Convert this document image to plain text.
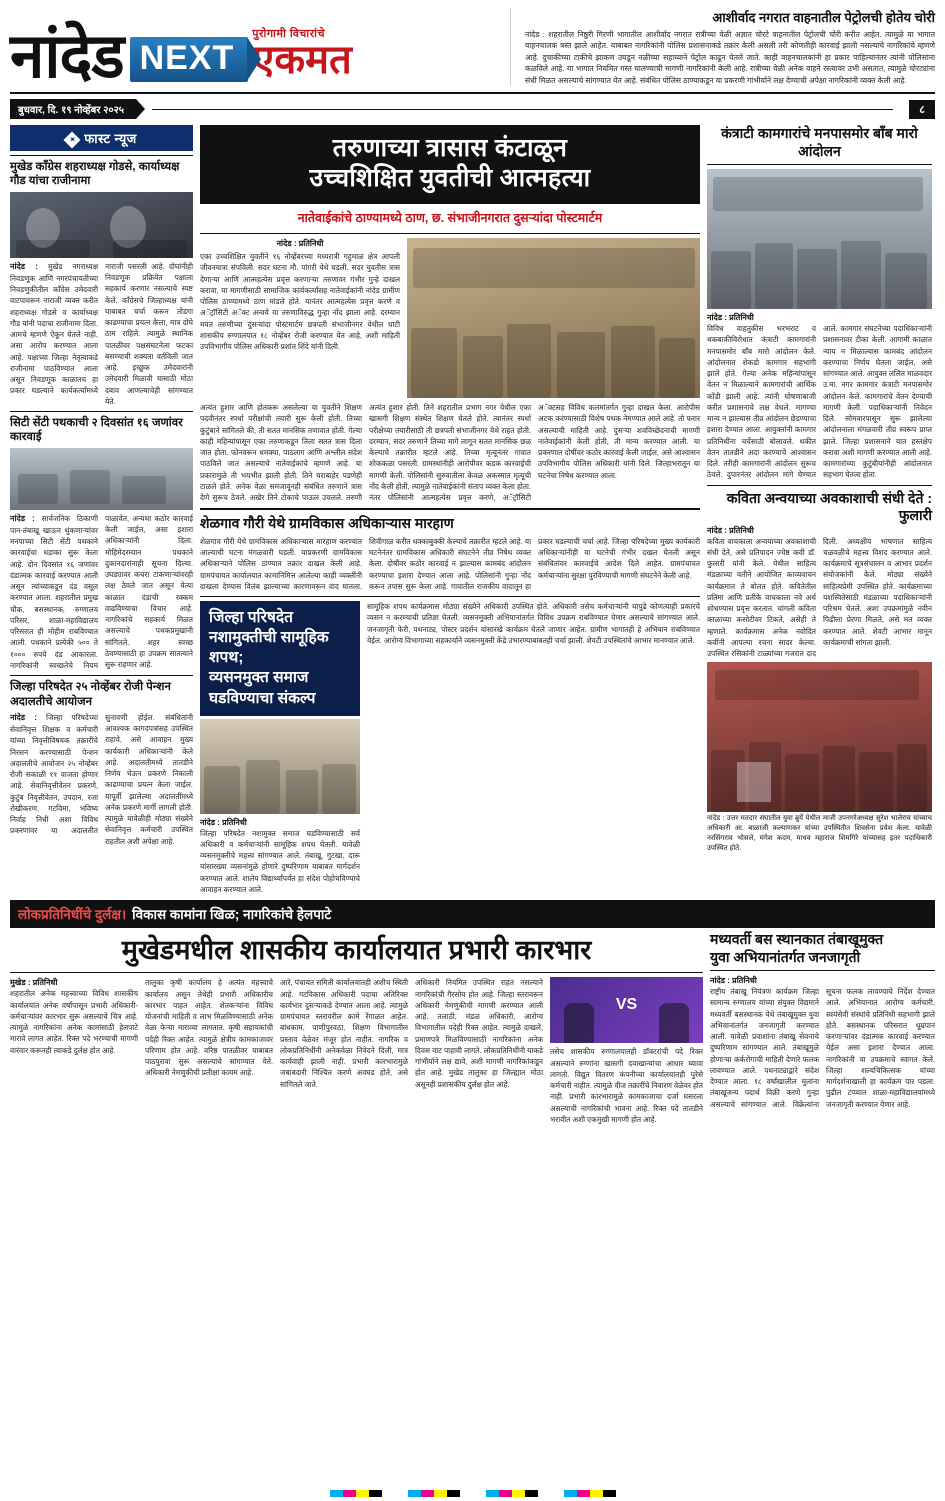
नांदेड NEXT
पुरोगामी विचारांचे
एकमत
आशीर्वाद नगरात वाहनातील पेट्रोलची होतेय चोरी
नांदेड : शहरातील निष्ठुरी गिरणी भागातील आशीर्वाद नगरात रात्रीच्या वेळी अज्ञात चोरटे वाहनातील पेट्रोलची चोरी करीत आहेत. त्यामुळे या भागात वाहनचालक त्रस्त झाले आहेत. याबाबत नागरिकांनी पोलिस प्रशासनाकडे तक्रार केली असली तरी कोणतीही कारवाई झाली नसल्याचे नागरिकांचे म्हणणे आहे. दुचाकीच्या टाकीचे झाकण उघडून नळीच्या सहाय्याने पेट्रोल काढून घेतले जाते. काही वाहनचालकांनी हा प्रकार पाहिल्यानंतर त्यांनी पोलिसांना कळविले आहे. या भागात नियमित गस्त घालण्याची मागणी नागरिकांनी केली आहे. रात्रीच्या वेळी अनेक वाहने रस्त्यावर उभी असतात, त्यामुळे चोरट्यांना संधी मिळत असल्याचे सांगण्यात येत आहे. संबंधित पोलिस ठाण्याकडून या प्रकरणी गांभीर्याने लक्ष देण्याची अपेक्षा नागरिकांनी व्यक्त केली आहे.
बुधवार, दि. १९ नोव्हेंबर २०२५	८
✦ फास्ट न्यूज
मुखेड काँग्रेस शहराध्यक्ष गोडसे, कार्याध्यक्ष गौड यांचा राजीनामा
नांदेड : मुखेड नगराध्यक्ष निवडणूक आणि नगरपंचायतीच्या निवडणुकीतील काँग्रेस उमेदवारी वाटपावरून नाराजी व्यक्त करीत शहराध्यक्ष गोडसे व कार्याध्यक्ष गौड यांनी पदाचा राजीनामा दिला. आमचे म्हणणे ऐकून घेतले नाही, असा आरोप करण्यात आला आहे. पक्षाच्या जिल्हा नेतृत्वाकडे राजीनामा पाठविण्यात आला असून निवडणूक काळातच हा प्रकार घडल्याने कार्यकर्त्यांमध्ये नाराजी पसरली आहे. दोघांनीही निवडणूक प्रक्रियेत पक्षाला सहकार्य करणार नसल्याचे स्पष्ट केले. काँग्रेसचे जिल्हाध्यक्ष यांनी याबाबत चर्चा करून तोडगा काढण्याचा प्रयत्न केला, मात्र दोघे ठाम राहिले. त्यामुळे स्थानिक पातळीवर पक्षसंघटनेला फटका बसण्याची शक्यता वर्तविली जात आहे. इच्छुक उमेदवारांनी उमेदवारी मिळावी यासाठी मोठा दबाव आणल्याचेही सांगण्यात येते.
सिटी सेंटी पथकाची २ दिवसांत १६ जणांवर कारवाई
नांदेड : सार्वजनिक ठिकाणी पान-तंबाखू खाऊन थुंकणाऱ्यांवर मनपाच्या सिटी सेंटी पथकाने कारवाईचा धडाका सुरू केला आहे. दोन दिवसांत १६ जणांवर दंडात्मक कारवाई करण्यात आली असून त्यांच्याकडून दंड वसूल करण्यात आला. शहरातील प्रमुख चौक, बसस्थानक, रुग्णालय परिसर, शाळा-महाविद्यालय परिसरात ही मोहीम राबविण्यात आली. पथकाने प्रत्येकी ५०० ते १००० रुपये दंड आकारला. नागरिकांनी स्वच्छतेचे नियम पाळावेत, अन्यथा कठोर कारवाई केली जाईल, असा इशारा अधिकाऱ्यांनी दिला. मोहिमेदरम्यान पथकाने दुकानदारांनाही सूचना दिल्या. उघड्यावर कचरा टाकणाऱ्यांवरही लक्ष ठेवले जात असून येत्या काळात दंडाची रक्कम वाढविण्याचा विचार आहे. नागरिकांचे सहकार्य मिळत असल्याचे पथकप्रमुखांनी सांगितले. शहर स्वच्छ ठेवण्यासाठी हा उपक्रम सातत्याने सुरू राहणार आहे.
जिल्हा परिषदेत २५ नोव्हेंबर रोजी पेन्शन अदालतीचे आयोजन
नांदेड : जिल्हा परिषदेच्या सेवानिवृत्त शिक्षक व कर्मचारी यांच्या निवृत्तीविषयक तक्रारींचे निरसन करण्यासाठी पेन्शन अदालतीचे आयोजन २५ नोव्हेंबर रोजी सकाळी ११ वाजता होणार आहे. सेवानिवृत्तीवेतन प्रकरणे, कुटुंब निवृत्तीवेतन, उपदान, रजा रोखीकरण, गटविमा, भविष्य निर्वाह निधी अशा विविध प्रकरणांवर या अदालतीत सुनावणी होईल. संबंधितांनी आवश्यक कागदपत्रांसह उपस्थित राहावे, असे आवाहन मुख्य कार्यकारी अधिकाऱ्यांनी केले आहे. अदालतीमध्ये तातडीने निर्णय घेऊन प्रकरणे निकाली काढण्याचा प्रयत्न केला जाईल. यापूर्वी झालेल्या अदालतींमध्ये अनेक प्रकरणे मार्गी लागली होती. त्यामुळे यावेळीही मोठ्या संख्येने सेवानिवृत्त कर्मचारी उपस्थित राहतील अशी अपेक्षा आहे.
तरुणाच्या त्रासास कंटाळून
उच्चशिक्षित युवतीची आत्महत्या
नातेवाईकांचे ठाण्यामध्ये ठाण, छ. संभाजीनगरात दुसऱ्यांदा पोस्टमार्टम
नांदेड : प्रतिनिधी
एका उच्चशिक्षित युवतीने १६ नोव्हेंबरच्या मध्यरात्री गहुमाळ क्षेत्र आपली जीवनयात्रा संपविली. सदर घटना मौ. पांगरी येथे घडली. सदर युवतीस त्रास देणाऱ्या आणि आत्महत्येस प्रवृत्त करणाऱ्या तरुणावर गंभीर गुन्हे दाखल करावा, या मागणीसाठी सामाजिक कार्यकर्त्यांसह नातेवाईकांनी नांदेड ग्रामीण पोलिस ठाण्यामध्ये ठाण मांडले होते. यानंतर आत्महत्येस प्रवृत्त करणे व अॅट्रॉसिटी अॅक्ट अन्वये या तरुणाविरुद्ध गुन्हा नोंद झाला आहे. दरम्यान मयत तरुणीच्या दुसऱ्यांदा पोस्टमार्टम छत्रपती संभाजीनगर येथील घाटी शासकीय रुग्णालयात १८ नोव्हेंबर रोजी करण्यात येत आहे, अशी माहिती उपविभागीय पोलिस अधिकारी प्रशांत शिंदे यांनी दिली.
अत्यंत हुशार आणि होतकरू असलेल्या या युवतीने शिक्षण पदवीनंतर स्पर्धा परीक्षांची तयारी सुरू केली होती. तिच्या कुटुंबाने सांगितले की, ती सतत मानसिक तणावात होती. गेल्या काही महिन्यांपासून एका तरुणाकडून तिला सतत त्रास दिला जात होता. फोनवरून धमक्या, पाठलाग आणि अश्लील संदेश पाठविले जात असल्याचे नातेवाईकांचे म्हणणे आहे. या प्रकारामुळे ती भयभीत झाली होती. तिने घराबाहेर पडणेही टाळले होते. अनेक वेळा समजावूनही संबंधित तरुणाने त्रास देणे सुरूच ठेवले. अखेर तिने टोकाचे पाऊल उचलले. तरुणी अत्यंत हुशार होती. तिने शहरातील प्रभाग नगर येथील एका खासगी शिक्षण संस्थेत शिक्षण घेतले होते. त्यानंतर स्पर्धा परीक्षेच्या तयारीसाठी ती छत्रपती संभाजीनगर येथे राहत होती. दरम्यान, सदर तरुणाने तिच्या मागे लागून सतत मानसिक छळ केल्याचे तक्रारीत म्हटले आहे. तिच्या मृत्यूनंतर गावात शोककळा पसरली. ग्रामस्थांनीही आरोपीवर कडक कारवाईची मागणी केली. पोलिसांनी सुरुवातीला केवळ अकस्मात मृत्यूची नोंद केली होती, त्यामुळे नातेवाईकांनी संताप व्यक्त केला होता. नंतर पोलिसांनी आत्महत्येस प्रवृत्त करणे, अॅट्रॉसिटी अॅक्टसह विविध कलमांतर्गत गुन्हा दाखल केला. आरोपीस अटक करण्यासाठी विशेष पथक नेमण्यात आले आहे. तो फरार असल्याची माहिती आहे. दुसऱ्या शवविच्छेदनाची मागणी नातेवाईकांनी केली होती, ती मान्य करण्यात आली. या प्रकरणात दोषींवर कठोर कारवाई केली जाईल, असे आश्वासन उपविभागीय पोलिस अधिकारी यांनी दिले. जिल्हाभरातून या घटनेचा निषेध करण्यात आला.
शेळगाव गौरी येथे ग्रामविकास अधिकाऱ्यास मारहाण
शेळगाव गौरी येथे ग्रामविकास अधिकाऱ्यास मारहाण करण्यात आल्याची घटना मंगळवारी घडली. याप्रकरणी ग्रामविकास अधिकाऱ्याने पोलिस ठाण्यात तक्रार दाखल केली आहे. ग्रामपंचायत कार्यालयात कामानिमित्त आलेल्या काही व्यक्तींनी दाखला देण्यास विलंब झाल्याच्या कारणावरून वाद घातला. शिवीगाळ करीत धक्काबुक्की केल्याचे तक्रारीत म्हटले आहे. या घटनेनंतर ग्रामविकास अधिकारी संघटनेने तीव्र निषेध व्यक्त केला. दोषींवर कठोर कारवाई न झाल्यास कामबंद आंदोलन करण्याचा इशारा देण्यात आला आहे. पोलिसांनी गुन्हा नोंद करून तपास सुरू केला आहे. गावातील राजकीय वादातून हा प्रकार घडल्याची चर्चा आहे. जिल्हा परिषदेच्या मुख्य कार्यकारी अधिकाऱ्यांनीही या घटनेची गंभीर दखल घेतली असून संबंधितांवर कारवाईचे आदेश दिले आहेत. ग्रामपंचायत कर्मचाऱ्यांना सुरक्षा पुरविण्याची मागणी संघटनेने केली आहे.
जिल्हा परिषदेत नशामुक्तीची सामूहिक शपथ;
व्यसनमुक्त समाज घडविण्याचा संकल्प
नांदेड : प्रतिनिधी
जिल्हा परिषदेत नशामुक्त समाज घडविण्यासाठी सर्व अधिकारी व कर्मचाऱ्यांनी सामूहिक शपथ घेतली. यावेळी व्यसनमुक्तीचे महत्त्व सांगण्यात आले. तंबाखू, गुटखा, दारू यांसारख्या व्यसनांमुळे होणारे दुष्परिणाम याबाबत मार्गदर्शन करण्यात आले. शालेय विद्यार्थ्यांपर्यंत हा संदेश पोहोचविण्याचे आवाहन करण्यात आले.
सामूहिक शपथ कार्यक्रमास मोठ्या संख्येने अधिकारी उपस्थित होते. अधिकारी तसेच कर्मचाऱ्यांनी यापुढे कोणत्याही प्रकारचे व्यसन न करण्याची प्रतिज्ञा घेतली. व्यसनमुक्ती अभियानांतर्गत विविध उपक्रम राबविण्यात येणार असल्याचे सांगण्यात आले. जनजागृती फेरी, पथनाट्य, पोस्टर प्रदर्शन यांसारखे कार्यक्रम घेतले जाणार आहेत. ग्रामीण भागातही हे अभियान राबविण्यात येईल. आरोग्य विभागाच्या सहकार्याने व्यसनमुक्ती केंद्रे उभारण्याबाबतही चर्चा झाली. शेवटी उपस्थितांचे आभार मानण्यात आले.
कंत्राटी कामगारांचे मनपासमोर बॉंब मारो आंदोलन
नांदेड : प्रतिनिधी
विविध वाहतुकीस भरभराट व थकबाकीविरोधात कंत्राटी कामगारांनी मनपासमोर बॉंब मारो आंदोलन केले. आंदोलनात शेकडो कामगार सहभागी झाले होते. गेल्या अनेक महिन्यांपासून वेतन न मिळाल्याने कामगारांची आर्थिक कोंडी झाली आहे. त्यांनी घोषणाबाजी करीत प्रशासनाचे लक्ष वेधले. मागण्या मान्य न झाल्यास तीव्र आंदोलन छेडण्याचा इशारा देण्यात आला. आयुक्तांनी कामगार प्रतिनिधींना चर्चेसाठी बोलावले. थकीत वेतन तातडीने अदा करण्याचे आश्वासन दिले. तरीही कामगारांनी आंदोलन सुरूच ठेवले. दुपारनंतर आंदोलन मागे घेण्यात आले. कामगार संघटनेच्या पदाधिकाऱ्यांनी प्रशासनावर टीका केली. आगामी काळात न्याय न मिळाल्यास कामबंद आंदोलन करण्याचा निर्णय घेतला जाईल, असे सांगण्यात आले. आयुक्त ललित माळवदार उ.मा. नगर कामगार कंत्राटी मनपासमोर आंदोलन केले. कामगारांचे वेतन देण्याची मागणी केली. पदाधिकाऱ्यांनी निवेदन दिले. सोमवारपासून सुरू झालेल्या आंदोलनाला मंगळवारी तीव्र स्वरूप प्राप्त झाले. जिल्हा प्रशासनाने यात हस्तक्षेप करावा अशी मागणी करण्यात आली आहे. कामगारांच्या कुटुंबीयांनीही आंदोलनात सहभाग घेतला होता.
कविता अन्वयाच्या अवकाशाची संधी देते : फुलारी
नांदेड : प्रतिनिधी
कविता वाचकाला अन्वयाच्या अवकाशाची संधी देते, असे प्रतिपादन ज्येष्ठ कवी डॉ. फुलारी यांनी केले. येथील साहित्य मंडळाच्या वतीने आयोजित काव्यवाचन कार्यक्रमात ते बोलत होते. कवितेतील प्रतिमा आणि प्रतीके वाचकाला नवे अर्थ शोधण्यास प्रवृत्त करतात. चांगली कविता काळाच्या कसोटीवर टिकते, असेही ते म्हणाले. कार्यक्रमास अनेक नवोदित कवींनी आपल्या रचना सादर केल्या. उपस्थित रसिकांनी टाळ्यांच्या गजरात दाद दिली. अध्यक्षीय भाषणात साहित्य चळवळीचे महत्त्व विशद करण्यात आले. कार्यक्रमाचे सूत्रसंचालन व आभार प्रदर्शन संयोजकांनी केले. मोठ्या संख्येने साहित्यप्रेमी उपस्थित होते. कार्यक्रमाच्या यशस्वितेसाठी मंडळाच्या पदाधिकाऱ्यांनी परिश्रम घेतले. अशा उपक्रमांमुळे नवीन पिढीला प्रेरणा मिळते, असे मत व्यक्त करण्यात आले. शेवटी आभार मानून कार्यक्रमाची सांगता झाली.
नांदेड : उत्तर मतदार संघातील युवा ब्रुर्ये येथील माजी उपनगरेअध्यक्ष सुरेश भालेराव यांच्याच अधिकारी आ. बाळाजी कल्याणकर यांच्या उपस्थितीत शिवसेना प्रवेश केला. यावेळी नरसिंगराव भोसले, मंगेश कदम, माधव महाराज शिमगिरे यांच्यासह इतर पदाधिकारी उपस्थित होते.
लोकप्रतिनिधींचे दुर्लक्ष। विकास कामांना खिळ; नागरिकांचे हेलपाटे
मुखेडमधील शासकीय कार्यालयात प्रभारी कारभार
मुखेड : प्रतिनिधी
शहरातील अनेक महत्त्वाच्या विविध शासकीय कार्यालयांत अनेक वर्षांपासून प्रभारी अधिकारी-कर्मचाऱ्यांवर कारभार सुरू असल्याचे चित्र आहे. त्यामुळे नागरिकांना अनेक कामांसाठी हेलपाटे मारावे लागत आहेत. रिक्त पदे भरण्याची मागणी वारंवार करूनही त्याकडे दुर्लक्ष होत आहे.
तालुका कृषी कार्यालय हे अत्यंत महत्त्वाचे कार्यालय असून तेथेही प्रभारी अधिकारीच कारभार पाहत आहेत. शेतकऱ्यांना विविध योजनांची माहिती व लाभ मिळविण्यासाठी अनेक वेळा फेऱ्या माराव्या लागतात. कृषी सहायकांची पदेही रिक्त आहेत. त्यामुळे क्षेत्रीय कामकाजावर परिणाम होत आहे. वरिष्ठ पातळीवर याबाबत पाठपुरावा सुरू असल्याचे सांगण्यात येते. अधिकारी नेमणुकीची प्रतीक्षा कायम आहे.
आरे, पंचायत समिती कार्यालयातही अशीच स्थिती आहे. गटविकास अधिकारी पदाचा अतिरिक्त कार्यभार दुसऱ्याकडे देण्यात आला आहे. त्यामुळे ग्रामपंचायत स्तरावरील कामे रेंगाळत आहेत. बांधकाम, पाणीपुरवठा, शिक्षण विभागातील प्रस्ताव वेळेवर मंजूर होत नाहीत. नागरिक व लोकप्रतिनिधींनी अनेकवेळा निवेदने दिली, मात्र कार्यवाही झाली नाही. प्रभारी कारभारामुळे जबाबदारी निश्चित करणे अवघड होते, असे सांगितले जाते.
अधिकारी नियमित उपस्थित राहत नसल्याने नागरिकांची गैरसोय होत आहे. जिल्हा स्तरावरून अधिकारी नेमणुकीची मागणी करण्यात आली आहे. तलाठी, मंडळ अधिकारी, आरोग्य विभागातील पदेही रिक्त आहेत. त्यामुळे दाखले, प्रमाणपत्रे मिळविण्यासाठी नागरिकांना अनेक दिवस वाट पाहावी लागते. लोकप्रतिनिधींनी याकडे गांभीर्याने लक्ष द्यावे, अशी मागणी नागरिकांकडून होत आहे. मुखेड तालुका हा जिल्ह्यात मोठा असूनही प्रशासकीय दुर्लक्ष होत आहे.
VS
तसेच शासकीय रुग्णालयातही डॉक्टरांची पदे रिक्त असल्याने रुग्णांना खासगी दवाखान्यांचा आधार घ्यावा लागतो. विद्युत वितरण कंपनीच्या कार्यालयातही पुरेसे कर्मचारी नाहीत. त्यामुळे वीज तक्रारींचे निवारण वेळेवर होत नाही. प्रभारी कारभारामुळे कामकाजाचा दर्जा घसरला असल्याची नागरिकांची भावना आहे. रिक्त पदे तातडीने भरावीत अशी एकमुखी मागणी होत आहे.
मध्यवर्ती बस स्थानकात तंबाखूमुक्त
युवा अभियानांतर्गत जनजागृती
नांदेड : प्रतिनिधी
राष्ट्रीय तंबाखू नियंत्रण कार्यक्रम जिल्हा सामान्य रुग्णालय यांच्या संयुक्त विद्यमाने मध्यवर्ती बसस्थानक येथे तंबाखूमुक्त युवा अभियानांतर्गत जनजागृती करण्यात आली. यावेळी प्रवाशांना तंबाखू सेवनाचे दुष्परिणाम सांगण्यात आले. तंबाखूमुळे होणाऱ्या कर्करोगाची माहिती देणारे फलक लावण्यात आले. पथनाट्याद्वारे संदेश देण्यात आला. १८ वर्षांखालील मुलांना तंबाखूजन्य पदार्थ विक्री करणे गुन्हा असल्याचे सांगण्यात आले. विक्रेत्यांना सूचना फलक लावण्याचे निर्देश देण्यात आले. अभियानात आरोग्य कर्मचारी, स्वयंसेवी संस्थांचे प्रतिनिधी सहभागी झाले होते. बसस्थानक परिसरात धूम्रपान करणाऱ्यांवर दंडात्मक कारवाई करण्यात येईल असा इशारा देण्यात आला. नागरिकांनी या उपक्रमाचे स्वागत केले. जिल्हा शल्यचिकित्सक यांच्या मार्गदर्शनाखाली हा कार्यक्रम पार पडला. पुढील टप्प्यात शाळा-महाविद्यालयांमध्ये जनजागृती करण्यात येणार आहे.
